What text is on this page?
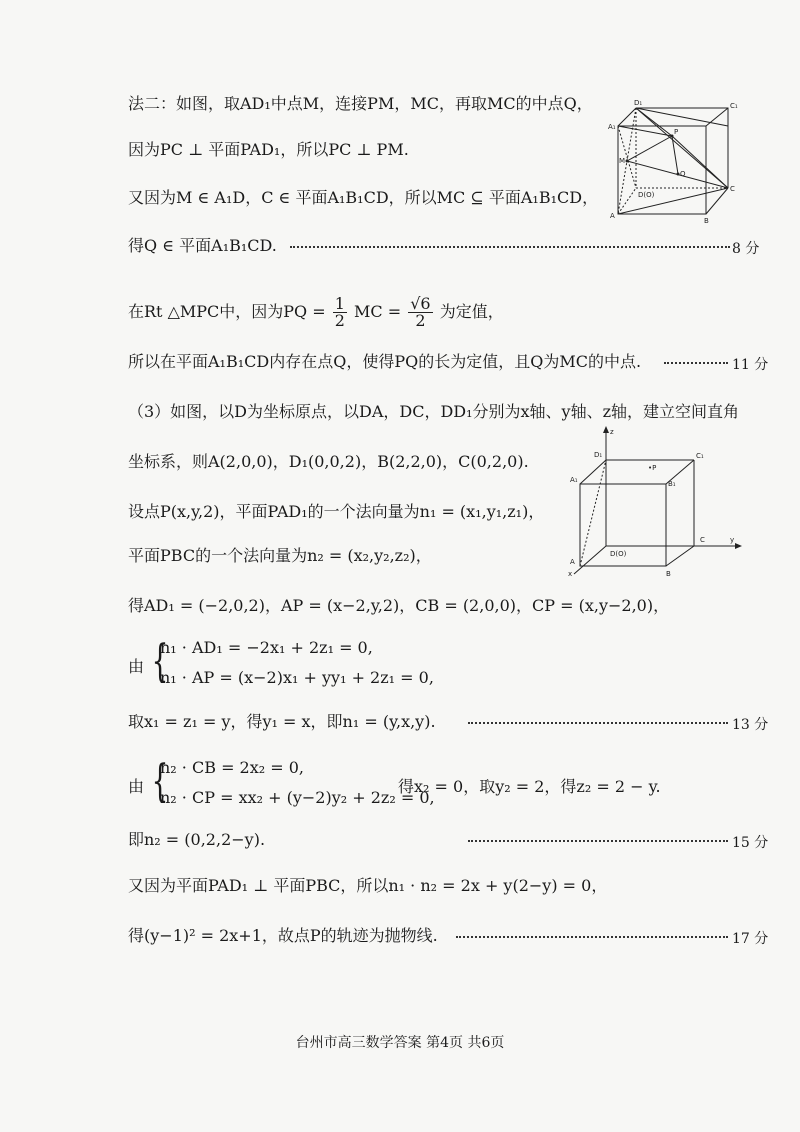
法二：如图，取AD₁中点M，连接PM，MC，再取MC的中点Q，
因为PC ⊥ 平面PAD₁，所以PC ⊥ PM.
又因为M ∈ A₁D，C ∈ 平面A₁B₁CD，所以MC ⊆ 平面A₁B₁CD，
得Q ∈ 平面A₁B₁CD.	8 分
在Rt △MPC中，因为PQ = $\frac{1}{2}$ MC = $\frac{√6}{2}$ 为定值，
所以在平面A₁B₁CD内存在点Q，使得PQ的长为定值，且Q为MC的中点.	11 分
（3）如图，以D为坐标原点，以DA，DC，DD₁分别为x轴、y轴、z轴，建立空间直角
坐标系，则A(2,0,0)，D₁(0,0,2)，B(2,2,0)，C(0,2,0).
设点P(x,y,2)，平面PAD₁的一个法向量为n₁ = (x₁,y₁,z₁)，
平面PBC的一个法向量为n₂ = (x₂,y₂,z₂)，
得AD₁ = (−2,0,2)，AP = (x−2,y,2)，CB = (2,0,0)，CP = (x,y−2,0)，
由 {
n₁ · AD₁ = −2x₁ + 2z₁ = 0,
n₁ · AP = (x−2)x₁ + yy₁ + 2z₁ = 0,
取x₁ = z₁ = y，得y₁ = x，即n₁ = (y,x,y).	13 分
由 {
n₂ · CB = 2x₂ = 0,
n₂ · CP = xx₂ + (y−2)y₂ + 2z₂ = 0,
得x₂ = 0，取y₂ = 2，得z₂ = 2 − y.
即n₂ = (0,2,2−y).	15 分
又因为平面PAD₁ ⊥ 平面PBC，所以n₁ · n₂ = 2x + y(2−y) = 0，
得(y−1)² = 2x+1，故点P的轨迹为抛物线.	17 分
D₁	C₁
A₁
P
M
Q
D(O)
C
A
B
z
D₁	C₁
A₁	B₁
•P
D(O)
C	y
x
A
B
台州市高三数学答案 第4页 共6页
